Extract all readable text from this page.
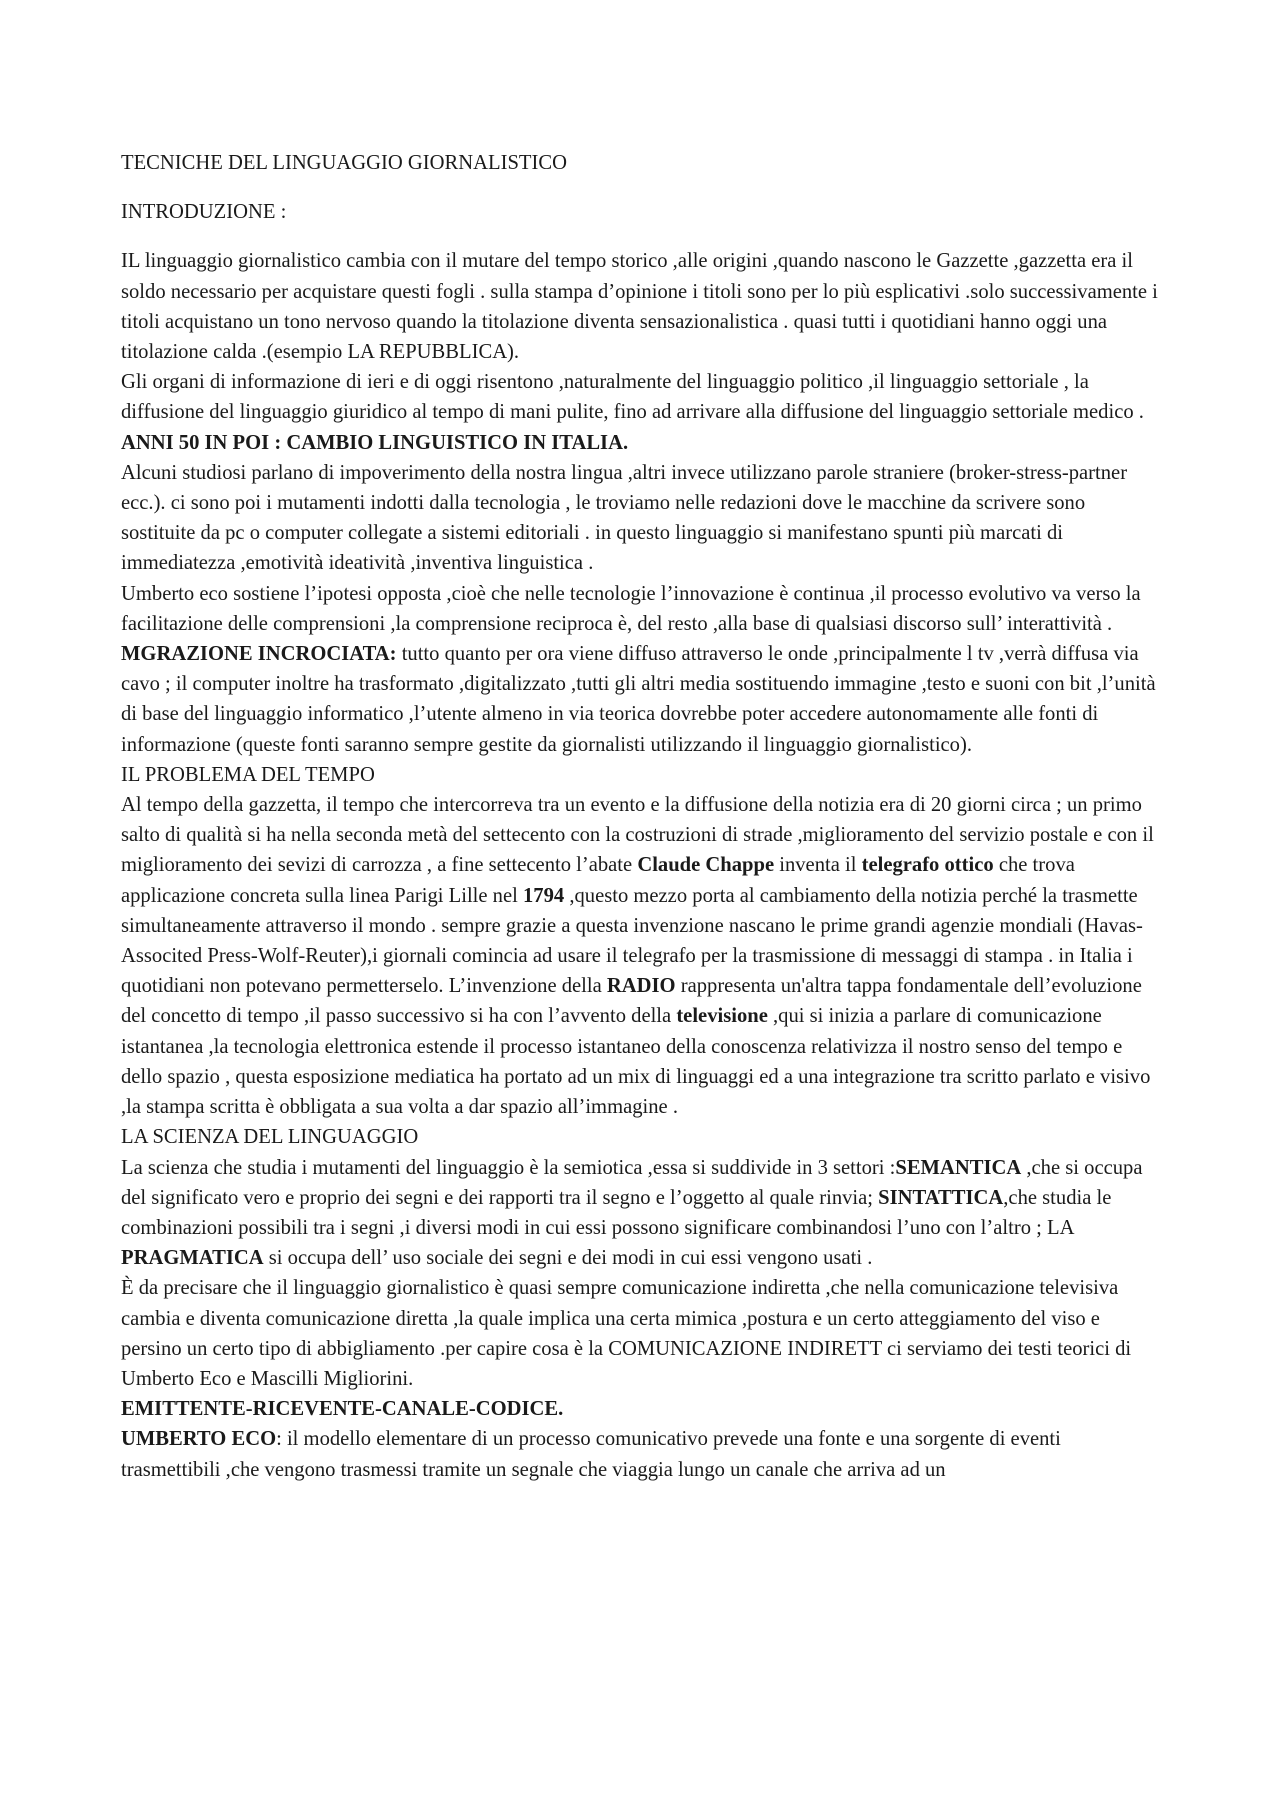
TECNICHE DEL LINGUAGGIO GIORNALISTICO

INTRODUZIONE :

IL linguaggio giornalistico cambia con il mutare del tempo storico ,alle origini ,quando nascono le Gazzette ,gazzetta era il soldo necessario per acquistare questi fogli . sulla stampa d’opinione i titoli sono per lo più esplicativi .solo successivamente i titoli acquistano un tono nervoso quando la titolazione diventa sensazionalistica . quasi tutti i quotidiani hanno oggi una titolazione calda .(esempio LA REPUBBLICA).

Gli organi di informazione di ieri e di oggi risentono ,naturalmente del linguaggio politico ,il linguaggio settoriale , la diffusione del linguaggio giuridico al tempo di mani pulite, fino ad arrivare alla diffusione del linguaggio settoriale medico .

ANNI 50 IN POI : CAMBIO LINGUISTICO IN ITALIA.

Alcuni studiosi parlano di impoverimento della nostra lingua ,altri invece utilizzano parole straniere (broker-stress-partner ecc.). ci sono poi i mutamenti indotti dalla tecnologia , le troviamo nelle redazioni dove le macchine da scrivere sono sostituite da pc o computer collegate a sistemi editoriali . in questo linguaggio si manifestano spunti più marcati di immediatezza ,emotività ideatività ,inventiva linguistica .

Umberto eco sostiene l’ipotesi opposta ,cioè che nelle tecnologie l’innovazione è continua ,il processo evolutivo va verso la facilitazione delle comprensioni ,la comprensione reciproca è, del resto ,alla base di qualsiasi discorso sull’ interattività .

MGRAZIONE INCROCIATA: tutto quanto per ora viene diffuso attraverso le onde ,principalmente l tv ,verrà diffusa via cavo ; il computer inoltre ha trasformato ,digitalizzato ,tutti gli altri media sostituendo immagine ,testo e suoni con bit ,l’unità di base del linguaggio informatico ,l’utente almeno in via teorica dovrebbe poter accedere autonomamente alle fonti di informazione (queste fonti saranno sempre gestite da giornalisti utilizzando il linguaggio giornalistico).

IL PROBLEMA DEL TEMPO

Al tempo della gazzetta, il tempo che intercorreva tra un evento e la diffusione della notizia era di 20 giorni circa ; un primo salto di qualità si ha nella seconda metà del settecento con la costruzioni di strade ,miglioramento del servizio postale e con il miglioramento dei sevizi di carrozza , a fine settecento l’abate Claude Chappe inventa il telegrafo ottico che trova applicazione concreta sulla linea Parigi Lille nel 1794 ,questo mezzo porta al cambiamento della notizia perché la trasmette simultaneamente attraverso il mondo . sempre grazie a questa invenzione nascano le prime grandi agenzie mondiali (Havas- Associted Press-Wolf-Reuter),i giornali comincia ad usare il telegrafo per la trasmissione di messaggi di stampa . in Italia i quotidiani non potevano permetterselo. L’invenzione della RADIO rappresenta un'altra tappa fondamentale dell’evoluzione del concetto di tempo ,il passo successivo si ha con l’avvento della televisione ,qui si inizia a parlare di comunicazione istantanea ,la tecnologia elettronica estende il processo istantaneo della conoscenza relativizza il nostro senso del tempo e dello spazio , questa esposizione mediatica ha portato ad un mix di linguaggi ed a una integrazione tra scritto parlato e visivo ,la stampa scritta è obbligata a sua volta a dar spazio all’immagine .

LA SCIENZA DEL LINGUAGGIO

La scienza che studia i mutamenti del linguaggio è la semiotica ,essa si suddivide in 3 settori :SEMANTICA ,che si occupa del significato vero e proprio dei segni e dei rapporti tra il segno e l’oggetto al quale rinvia; SINTATTICA,che studia le combinazioni possibili tra i segni ,i diversi modi in cui essi possono significare combinandosi l’uno con l’altro ; LA PRAGMATICA si occupa dell’ uso sociale dei segni e dei modi in cui essi vengono usati .

È da precisare che il linguaggio giornalistico è quasi sempre comunicazione indiretta ,che nella comunicazione televisiva cambia e diventa comunicazione diretta ,la quale implica una certa mimica ,postura e un certo atteggiamento del viso e persino un certo tipo di abbigliamento .per capire cosa è la COMUNICAZIONE INDIRETT ci serviamo dei testi teorici di Umberto Eco e Mascilli Migliorini.

EMITTENTE-RICEVENTE-CANALE-CODICE.

UMBERTO ECO: il modello elementare di un processo comunicativo prevede una fonte e una sorgente di eventi trasmettibili ,che vengono trasmessi tramite un segnale che viaggia lungo un canale che arriva ad un
